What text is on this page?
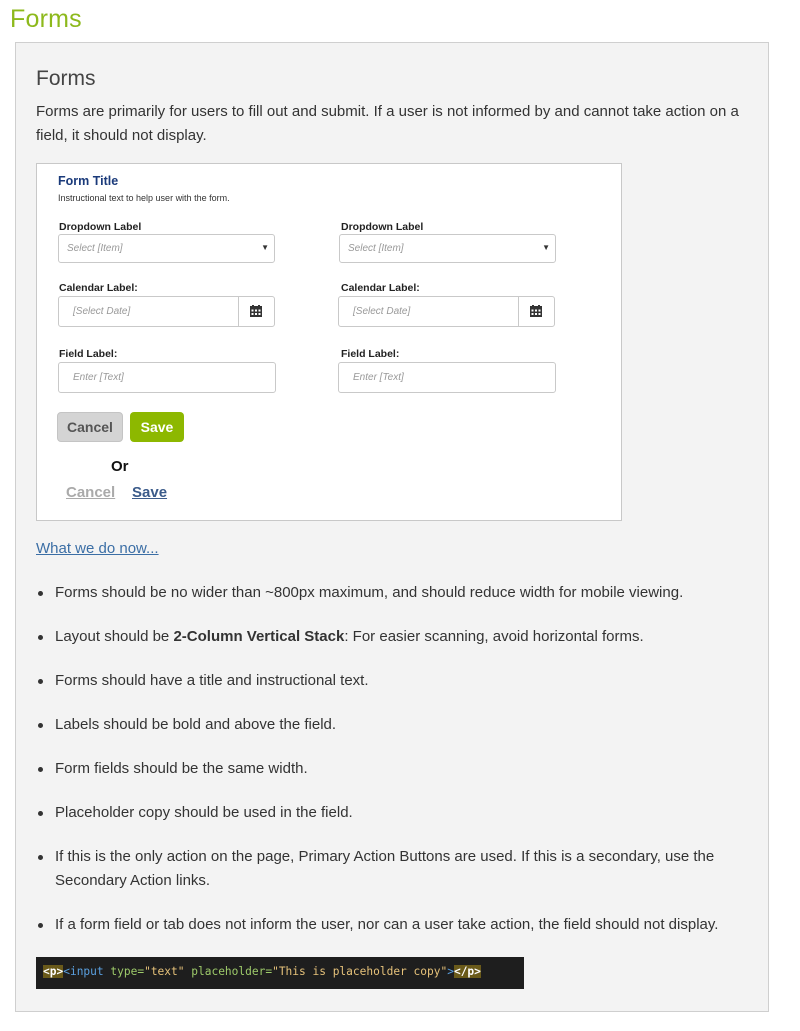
Forms
Forms
Forms are primarily for users to fill out and submit. If a user is not informed by and cannot take action on a field, it should not display.
Form Title
Instructional text to help user with the form.
Dropdown Label
Select [Item]	▼
Dropdown Label
Select [Item]	▼
Calendar Label:
[Select Date]
Calendar Label:
[Select Date]
Field Label:
Enter [Text]
Field Label:
Enter [Text]
Cancel	Save
Or
Cancel Save
What we do now...
Forms should be no wider than ~800px maximum, and should reduce width for mobile viewing.
Layout should be 2-Column Vertical Stack: For easier scanning, avoid horizontal forms.
Forms should have a title and instructional text.
Labels should be bold and above the field.
Form fields should be the same width.
Placeholder copy should be used in the field.
If this is the only action on the page, Primary Action Buttons are used. If this is a secondary, use the Secondary Action links.
If a form field or tab does not inform the user, nor can a user take action, the field should not display.
<p><input type="text" placeholder="This is placeholder copy"></p>
